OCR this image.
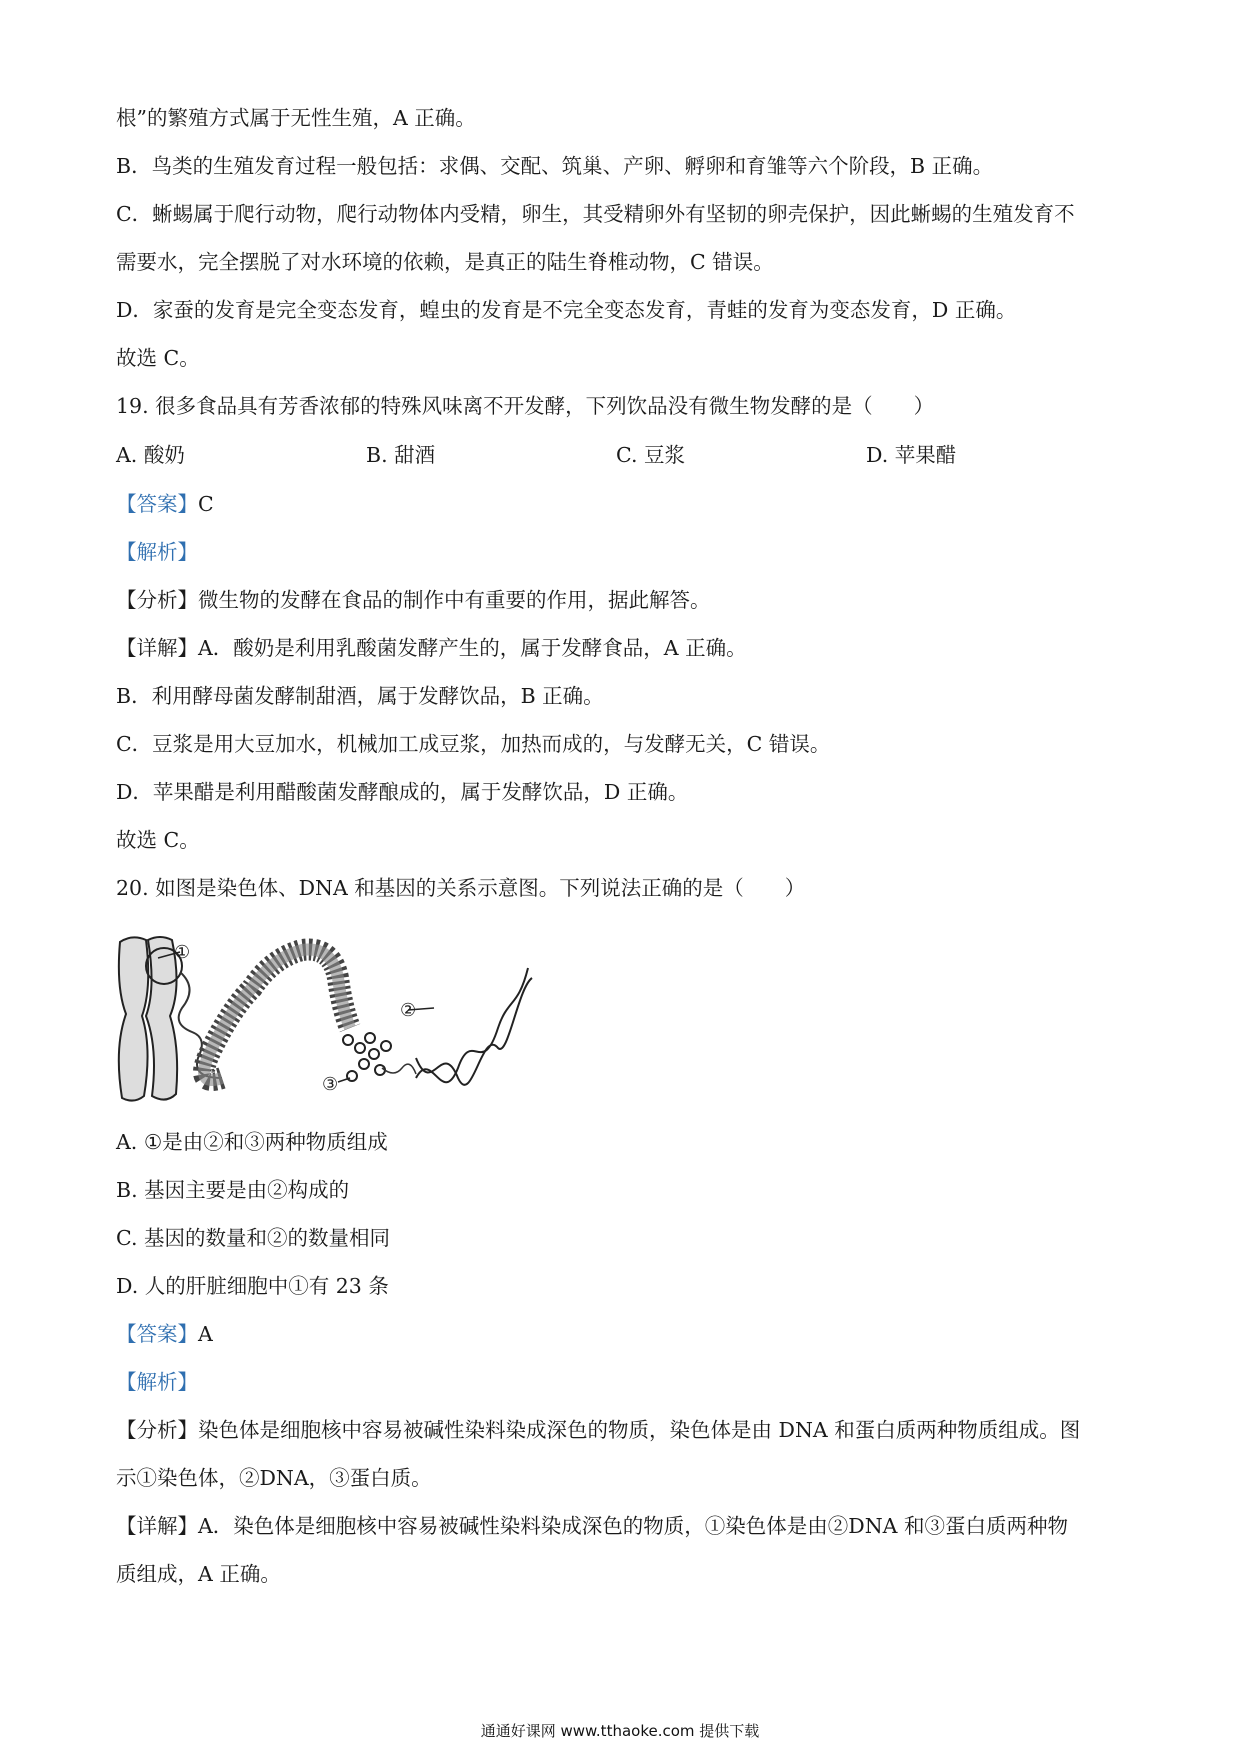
根”的繁殖方式属于无性生殖，A 正确。
B．鸟类的生殖发育过程一般包括：求偶、交配、筑巢、产卵、孵卵和育雏等六个阶段，B 正确。
C．蜥蜴属于爬行动物，爬行动物体内受精，卵生，其受精卵外有坚韧的卵壳保护，因此蜥蜴的生殖发育不
需要水，完全摆脱了对水环境的依赖，是真正的陆生脊椎动物，C 错误。
D．家蚕的发育是完全变态发育，蝗虫的发育是不完全变态发育，青蛙的发育为变态发育，D 正确。
故选 C。
19. 很多食品具有芳香浓郁的特殊风味离不开发酵，下列饮品没有微生物发酵的是（　　）
A. 酸奶	B. 甜酒	C. 豆浆	D. 苹果醋
【答案】C
【解析】
【分析】微生物的发酵在食品的制作中有重要的作用，据此解答。
【详解】A．酸奶是利用乳酸菌发酵产生的，属于发酵食品，A 正确。
B．利用酵母菌发酵制甜酒，属于发酵饮品，B 正确。
C．豆浆是用大豆加水，机械加工成豆浆，加热而成的，与发酵无关，C 错误。
D．苹果醋是利用醋酸菌发酵酿成的，属于发酵饮品，D 正确。
故选 C。
20. 如图是染色体、DNA 和基因的关系示意图。下列说法正确的是（　　）
①
②
③
A. ①是由②和③两种物质组成
B. 基因主要是由②构成的
C. 基因的数量和②的数量相同
D. 人的肝脏细胞中①有 23 条
【答案】A
【解析】
【分析】染色体是细胞核中容易被碱性染料染成深色的物质，染色体是由 DNA 和蛋白质两种物质组成。图
示①染色体，②DNA，③蛋白质。
【详解】A．染色体是细胞核中容易被碱性染料染成深色的物质，①染色体是由②DNA 和③蛋白质两种物
质组成，A 正确。
通通好课网 www.tthaoke.com 提供下载
